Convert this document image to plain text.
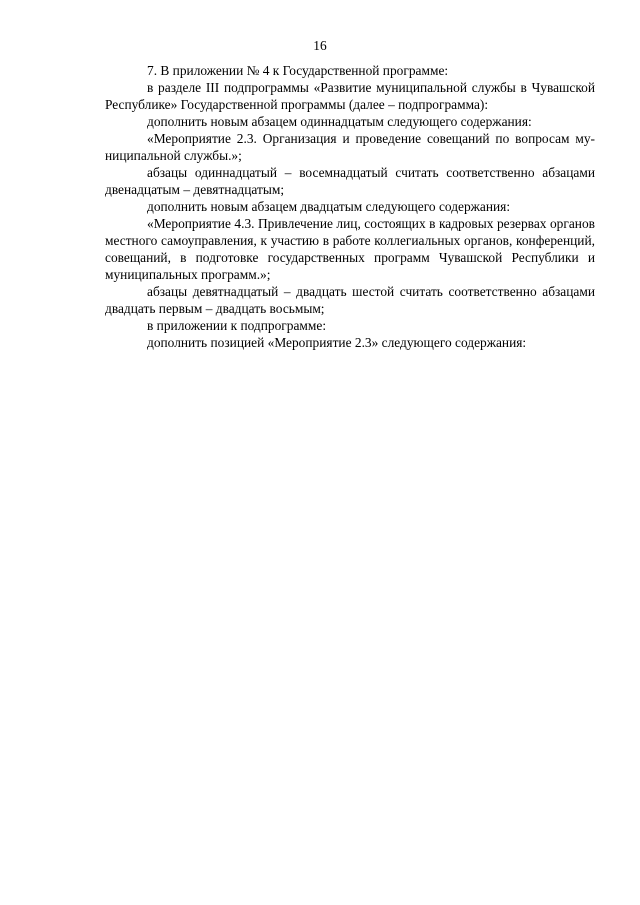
16

7. В приложении № 4 к Государственной программе:

в разделе III подпрограммы «Развитие муниципальной службы в Чувашской Республике» Государственной программы (далее – подпрограмма):

дополнить новым абзацем одиннадцатым следующего содержания:

«Мероприятие 2.3. Организация и проведение совещаний по вопросам муниципальной службы.»;

абзацы одиннадцатый – восемнадцатый считать соответственно абзацами двенадцатым – девятнадцатым;

дополнить новым абзацем двадцатым следующего содержания:

«Мероприятие 4.3. Привлечение лиц, состоящих в кадровых резервах органов местного самоуправления, к участию в работе коллегиальных органов, конференций, совещаний, в подготовке государственных программ Чувашской Республики и муниципальных программ.»;

абзацы девятнадцатый – двадцать шестой считать соответственно абзацами двадцать первым – двадцать восьмым;

в приложении к подпрограмме:

дополнить позицией «Мероприятие 2.3» следующего содержания:
